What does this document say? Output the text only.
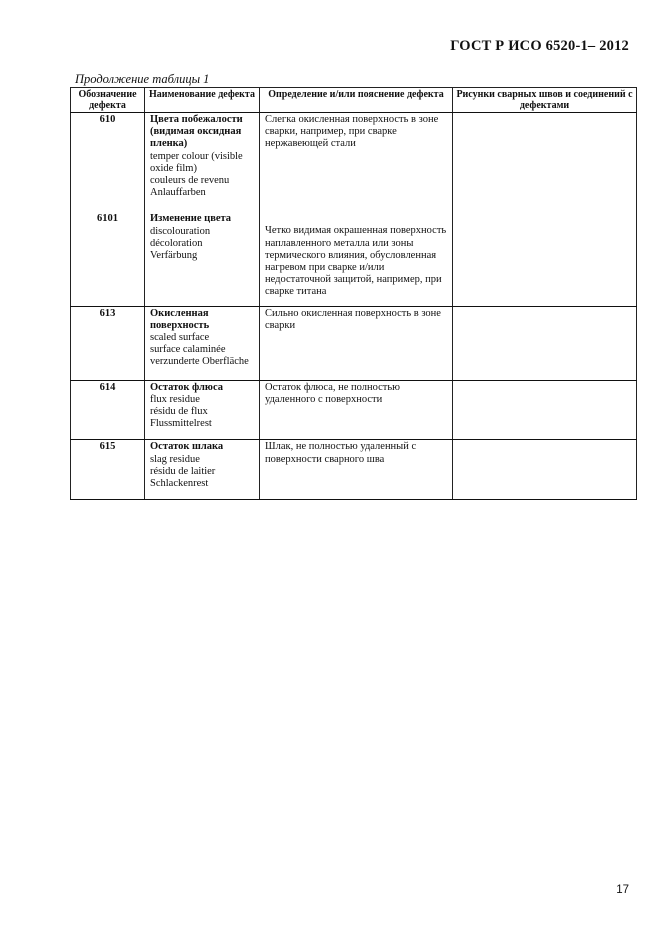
ГОСТ Р ИСО 6520-1– 2012
Продолжение таблицы 1
Обозначение дефекта	Наименование дефекта	Определение и/или пояснение дефекта	Рисунки сварных швов и соединений с дефектами
610	Цвета побежалости (видимая оксидная пленка)
temper colour (visible oxide film)
couleurs de revenu
Anlauffarben	Слегка окисленная поверхность в зоне сварки, например, при сварке нержавеющей стали	
6101	Изменение цвета
discolouration
décoloration
Verfärbung	Четко видимая окрашенная поверхность наплавленного металла или зоны термического влияния, обусловленная нагревом при сварке и/или недостаточной защитой, например, при сварке титана

613	Окисленная поверхность
scaled surface
surface calaminée
verzunderte Oberfläche	Сильно окисленная поверхность в зоне сварки	
614	Остаток флюса
flux residue
résidu de flux
Flussmittelrest	Остаток флюса, не полностью удаленного с поверхности	
615	Остаток шлака
slag residue
résidu de laitier
Schlackenrest	Шлак, не полностью удаленный с поверхности сварного шва	
17
